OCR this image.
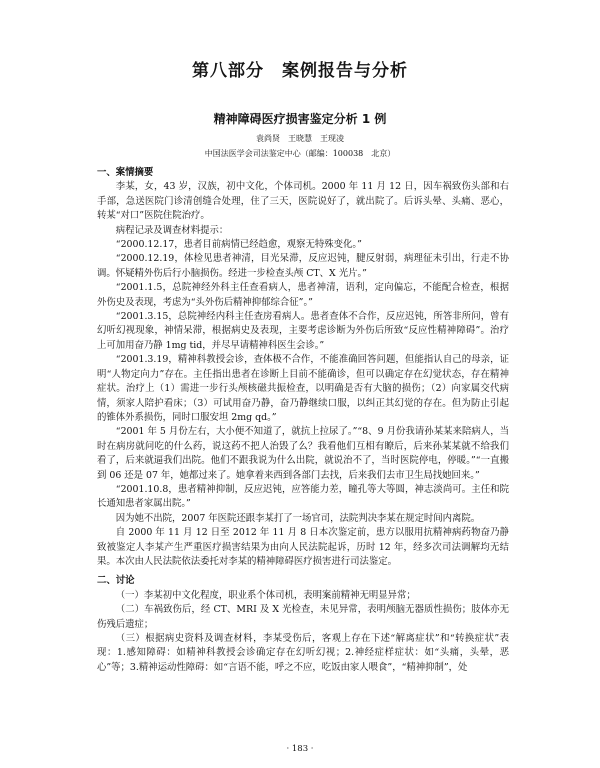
第八部分　案例报告与分析
精神障碍医疗损害鉴定分析 1 例

袁尚贤　王晓慧　王现凌

中国法医学会司法鉴定中心（邮编：100038　北京）

一、案情摘要

李某，女，43 岁，汉族，初中文化，个体司机。2000 年 11 月 12 日，因车祸致伤头部和右手部，急送医院门诊清创缝合处理，住了三天，医院说好了，就出院了。后诉头晕、头痛、恶心，转某“对口”医院住院治疗。

病程记录及调查材料提示：

“2000.12.17，患者目前病情已经趋愈，观察无特殊变化。”

“2000.12.19，体检见患者神清，目光呆滞，反应迟钝，腱反射弱，病理征未引出，行走不协调。怀疑精外伤后行小脑损伤。经进一步检查头颅 CT、X 光片。”

“2001.1.5，总院神经外科主任查看病人，患者神清，语利，定向偏忘，不能配合检查，根据外伤史及表现，考虑为“头外伤后精神抑郁综合征”。”

“2001.3.15，总院神经内科主任查房看病人。患者查体不合作，反应迟钝，所答非所问，曾有幻听幻视现象，神情呆滞，根据病史及表现，主要考虑诊断为外伤后所致“反应性精神障碍”。治疗上可加用奋乃静 1mg tid，并尽早请精神科医生会诊。”

“2001.3.19，精神科教授会诊，查体极不合作，不能准确回答问题，但能指认自己的母亲，证明“人物定向力”存在。主任指出患者在诊断上目前不能确诊，但可以确定存在幻觉状态，存在精神症状。治疗上（1）需进一步行头颅核磁共振检查，以明确是否有大脑的损伤；（2）向家属交代病情，须家人陪护看床；（3）可试用奋乃静，奋乃静继续口服，以纠正其幻觉的存在。但为防止引起的锥体外系损伤，同时口服安坦 2mg qd。”

“2001 年 5 月份左右，大小便不知道了，就抗上拉尿了。”“8、9 月份我请孙某某来陪病人，当时在病房就问吃的什么药，说这药不把人治毁了么？我看他们互相有瞭后，后来孙某某就不给我们看了，后来就逼我们出院。他们不跟我说为什么出院，就说治不了，当时医院停电，停暖。”“一直搬到 06 还是 07 年，她都过来了。她拿着来西到各部门去找，后来我们去市卫生局找她回来。”

“2001.10.8，患者精神抑制，反应迟钝，应答能力差，瞳孔等大等圆，神志淡尚可。主任和院长通知患者家属出院。”

因为她不出院，2007 年医院还跟李某打了一场官司，法院判决李某在规定时间内离院。

自 2000 年 11 月 12 日至 2012 年 11 月 8 日本次鉴定前，患方以服用抗精神病药物奋乃静致被鉴定人李某产生严重医疗损害结果为由向人民法院起诉，历时 12 年，经多次司法调解均无结果。本次由人民法院依法委托对李某的精神障碍医疗损害进行司法鉴定。

二、讨论

（一）李某初中文化程度，职业系个体司机，表明案前精神无明显异常；

（二）车祸致伤后，经 CT、MRI 及 X 光检查，未见异常，表明颅脑无器质性损伤；肢体亦无伤残后遗症；

（三）根据病史资料及调查材料，李某受伤后，客观上存在下述“解离症状”和“转换症状”表现：1.感知障碍：如精神科教授会诊确定存在幻听幻视；2.神经症样症状：如“头痛，头晕，恶心”等；3.精神运动性障碍：如“言语不能，呼之不应，吃饭由家人喂食”，“精神抑制”，处

· 183 ·
